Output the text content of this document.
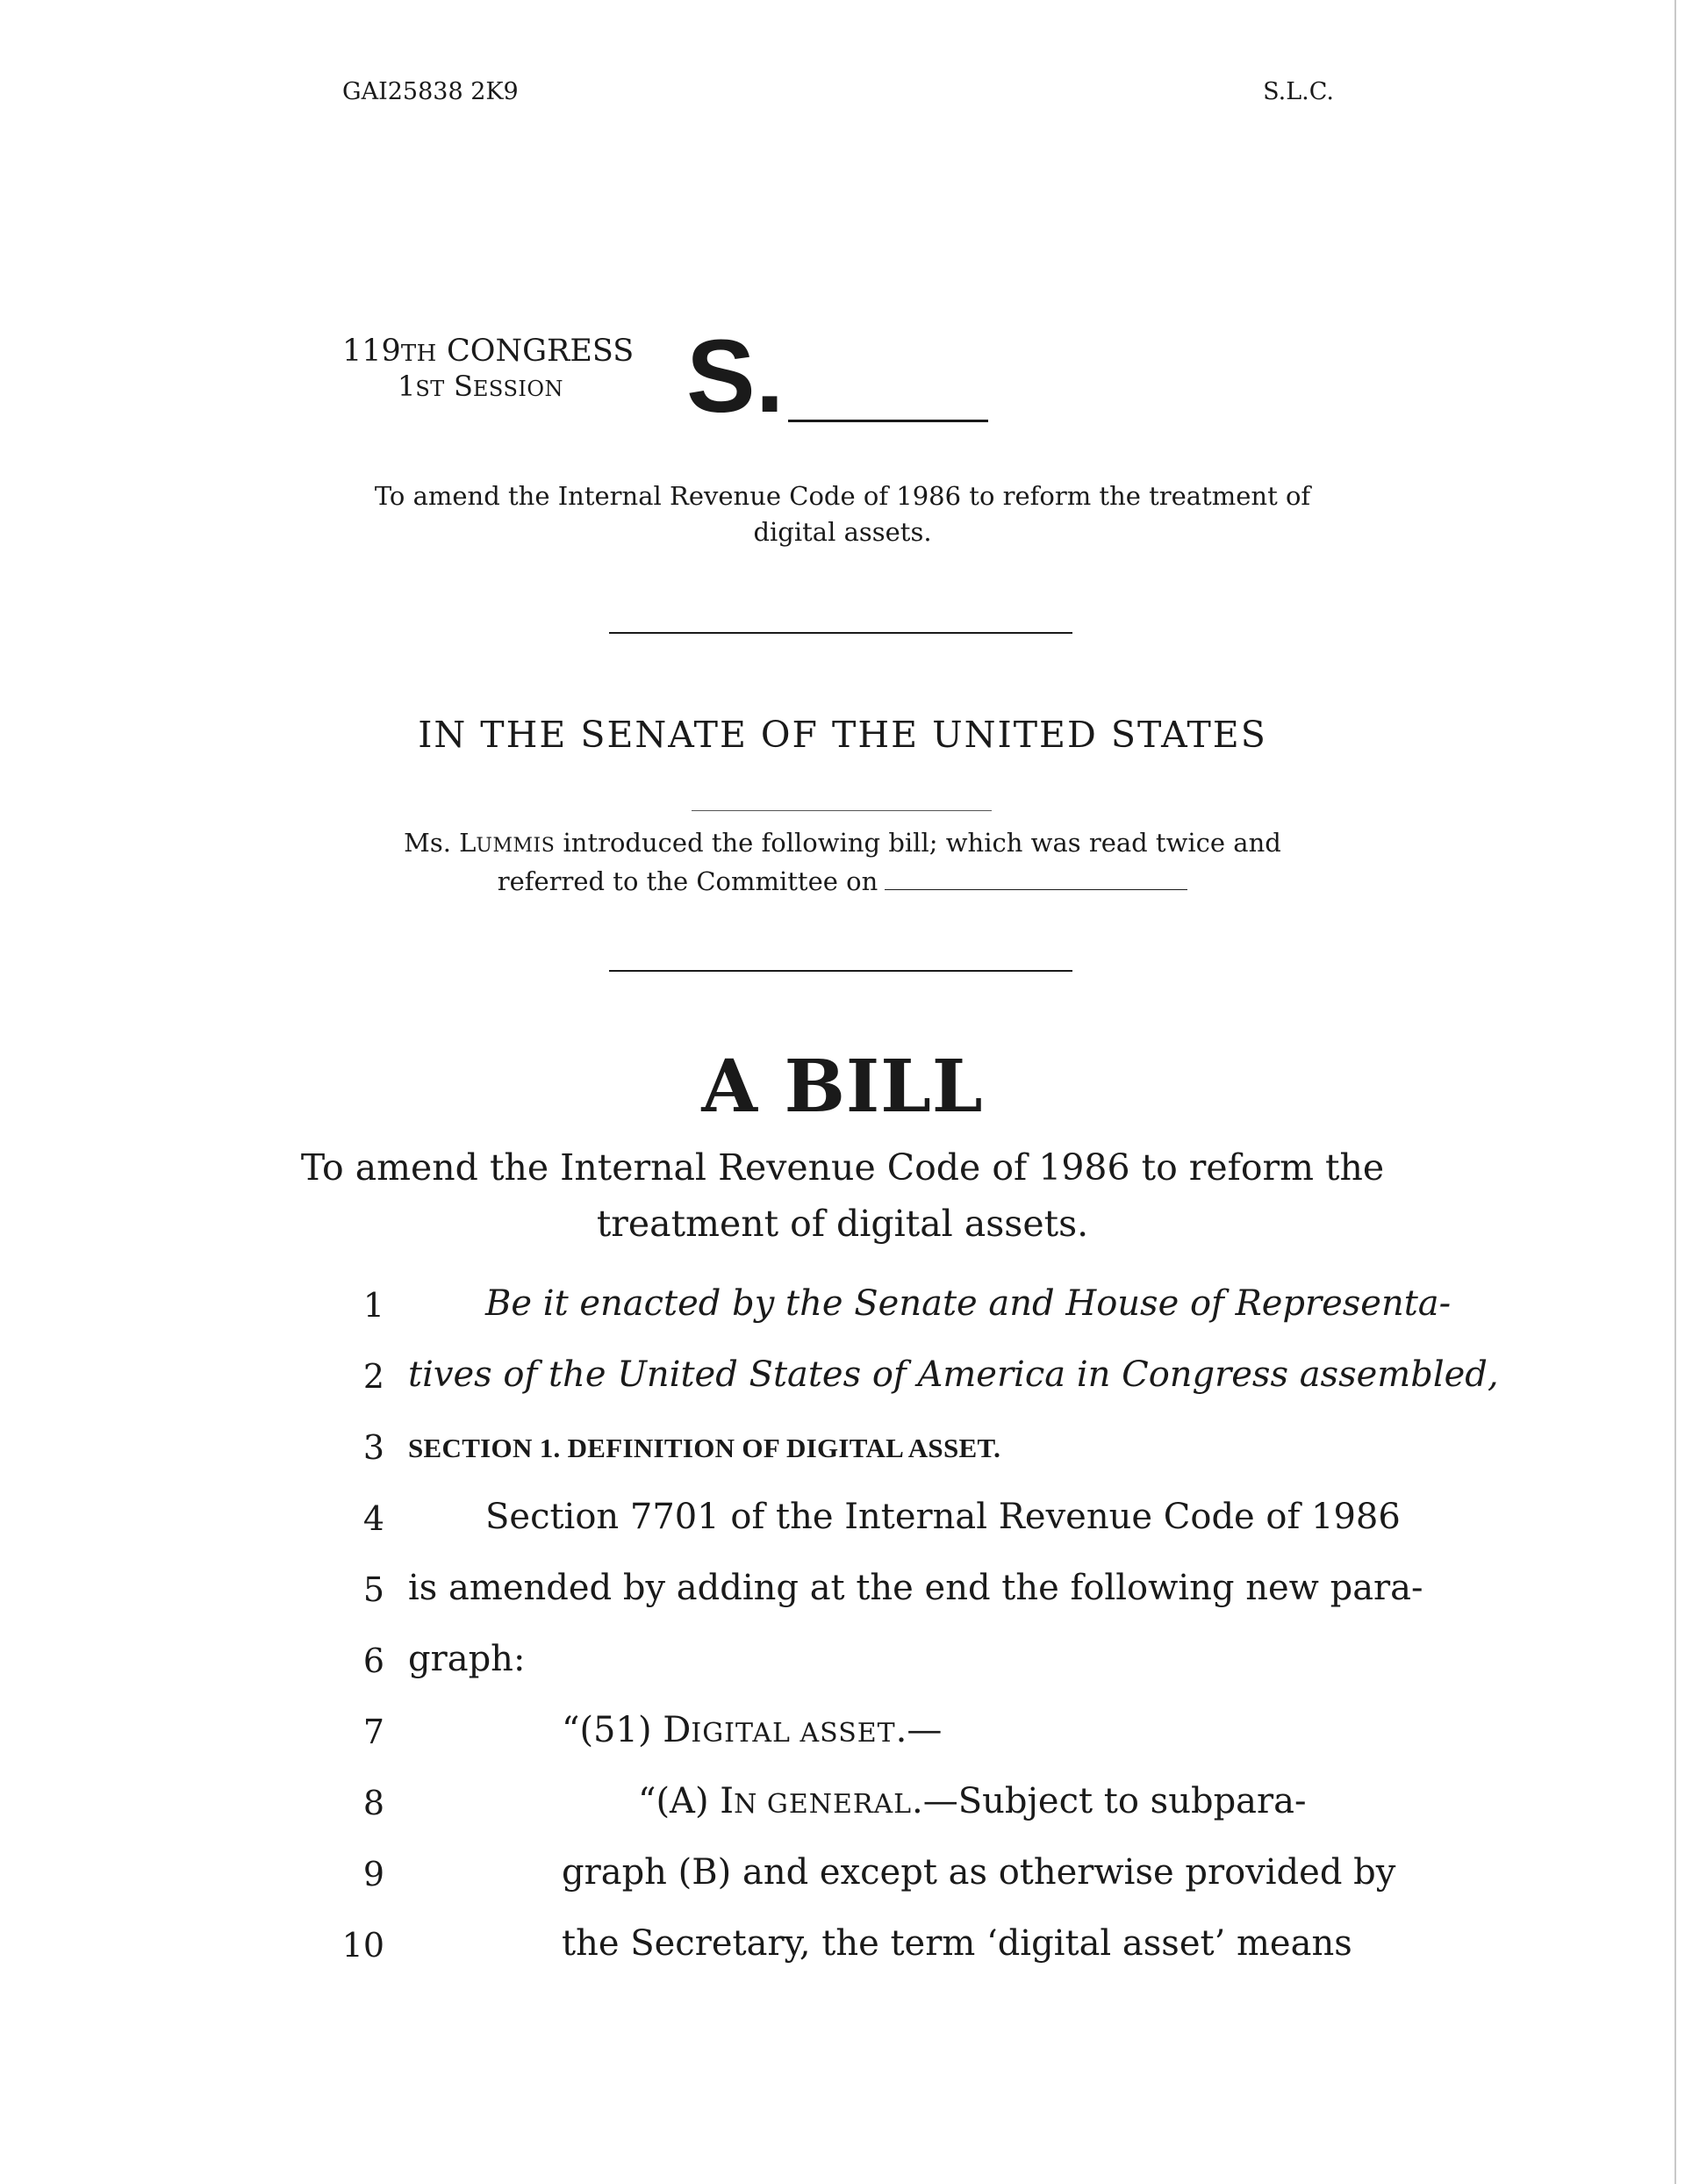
GAI25838 2K9	S.L.C.
119TH CONGRESS
1ST SESSION S.
To amend the Internal Revenue Code of 1986 to reform the treatment of digital assets.
IN THE SENATE OF THE UNITED STATES
Ms. LUMMIS introduced the following bill; which was read twice and referred to the Committee on
A BILL
To amend the Internal Revenue Code of 1986 to reform the treatment of digital assets.
1	Be it enacted by the Senate and House of Representa-
2 tives of the United States of America in Congress assembled,
3 SECTION 1. DEFINITION OF DIGITAL ASSET.
4	Section 7701 of the Internal Revenue Code of 1986
5 is amended by adding at the end the following new para-
6 graph:
7	“(51) DIGITAL ASSET.—
8	“(A) IN GENERAL.—Subject to subpara-
9	graph (B) and except as otherwise provided by
10	the Secretary, the term ‘digital asset’ means
